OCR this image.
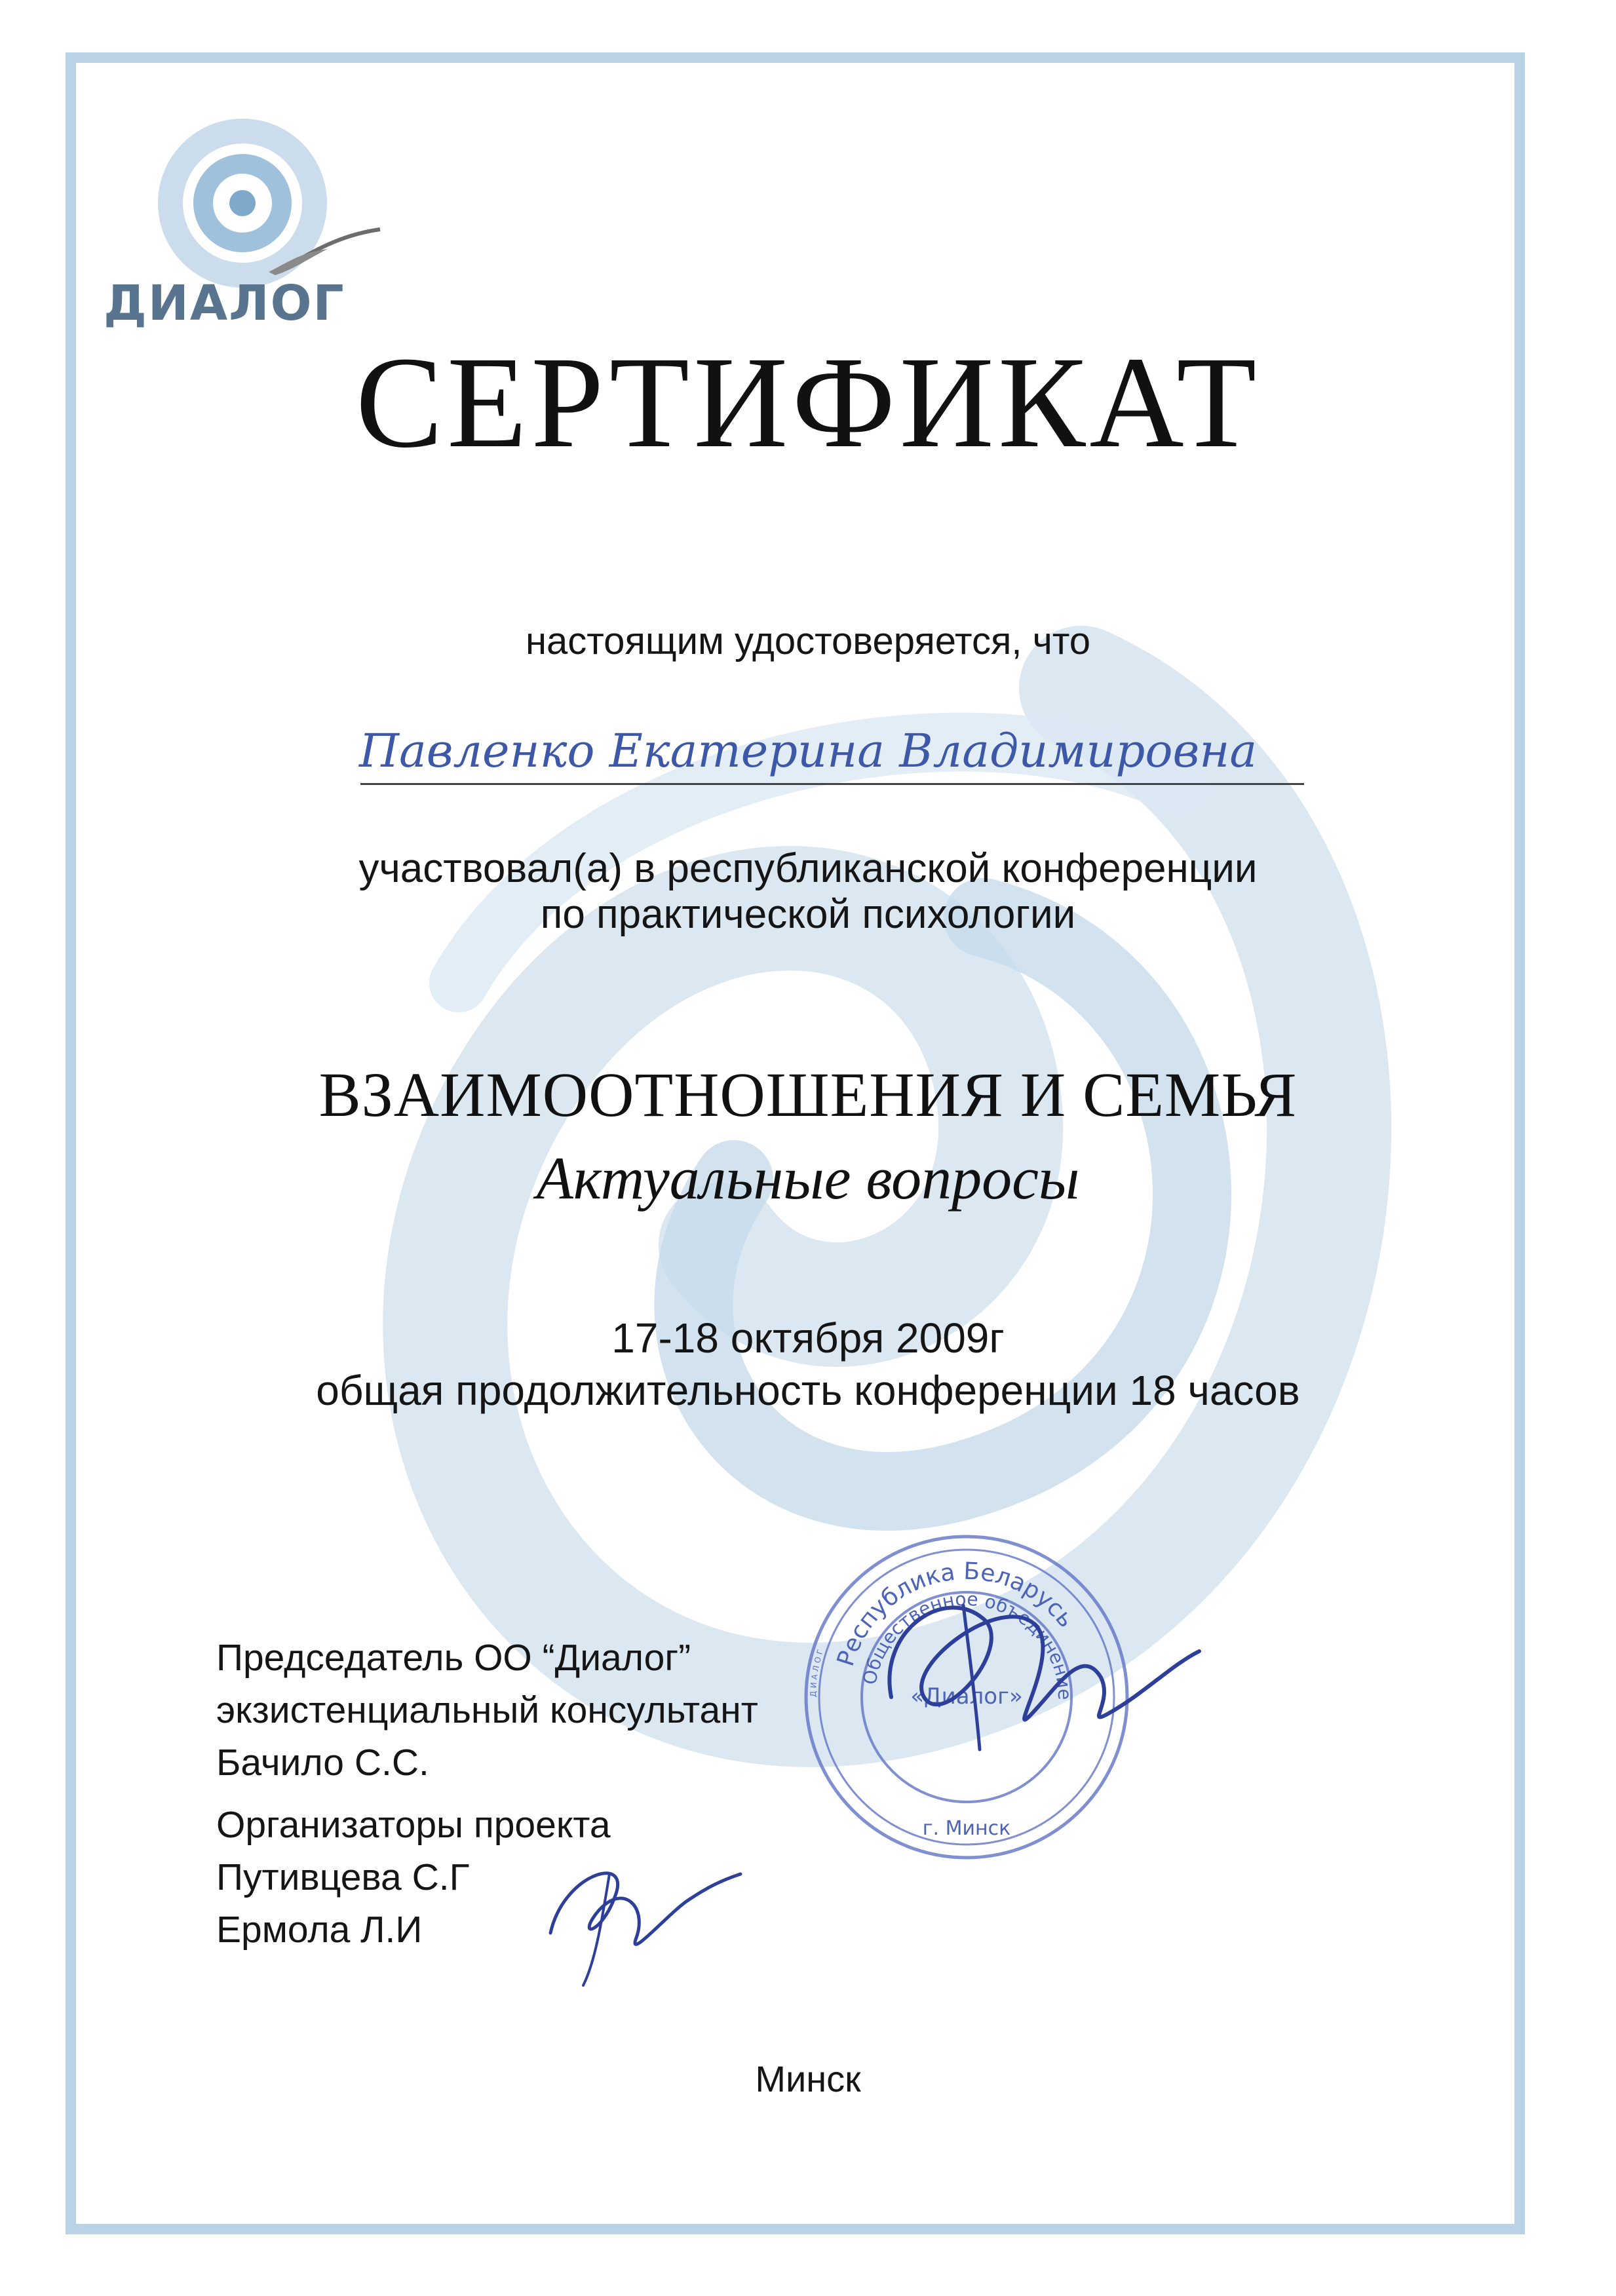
ДИАЛОГ
СЕРТИФИКАТ
настоящим удостоверяется, что
Павленко Екатерина Владимировна
участвовал(а) в республиканской конференции
по практической психологии
ВЗАИМООТНОШЕНИЯ И СЕМЬЯ
Актуальные вопросы
17-18 октября 2009г
общая продолжительность конференции 18 часов
Председатель ОО “Диалог”
экзистенциальный консультант
Бачило С.С.
Организаторы проекта
Путивцева С.Г
Ермола Л.И
ДИАЛОГ Республика Беларусь
Общественное объединение
«Диалог»
г. Минск
Минск
